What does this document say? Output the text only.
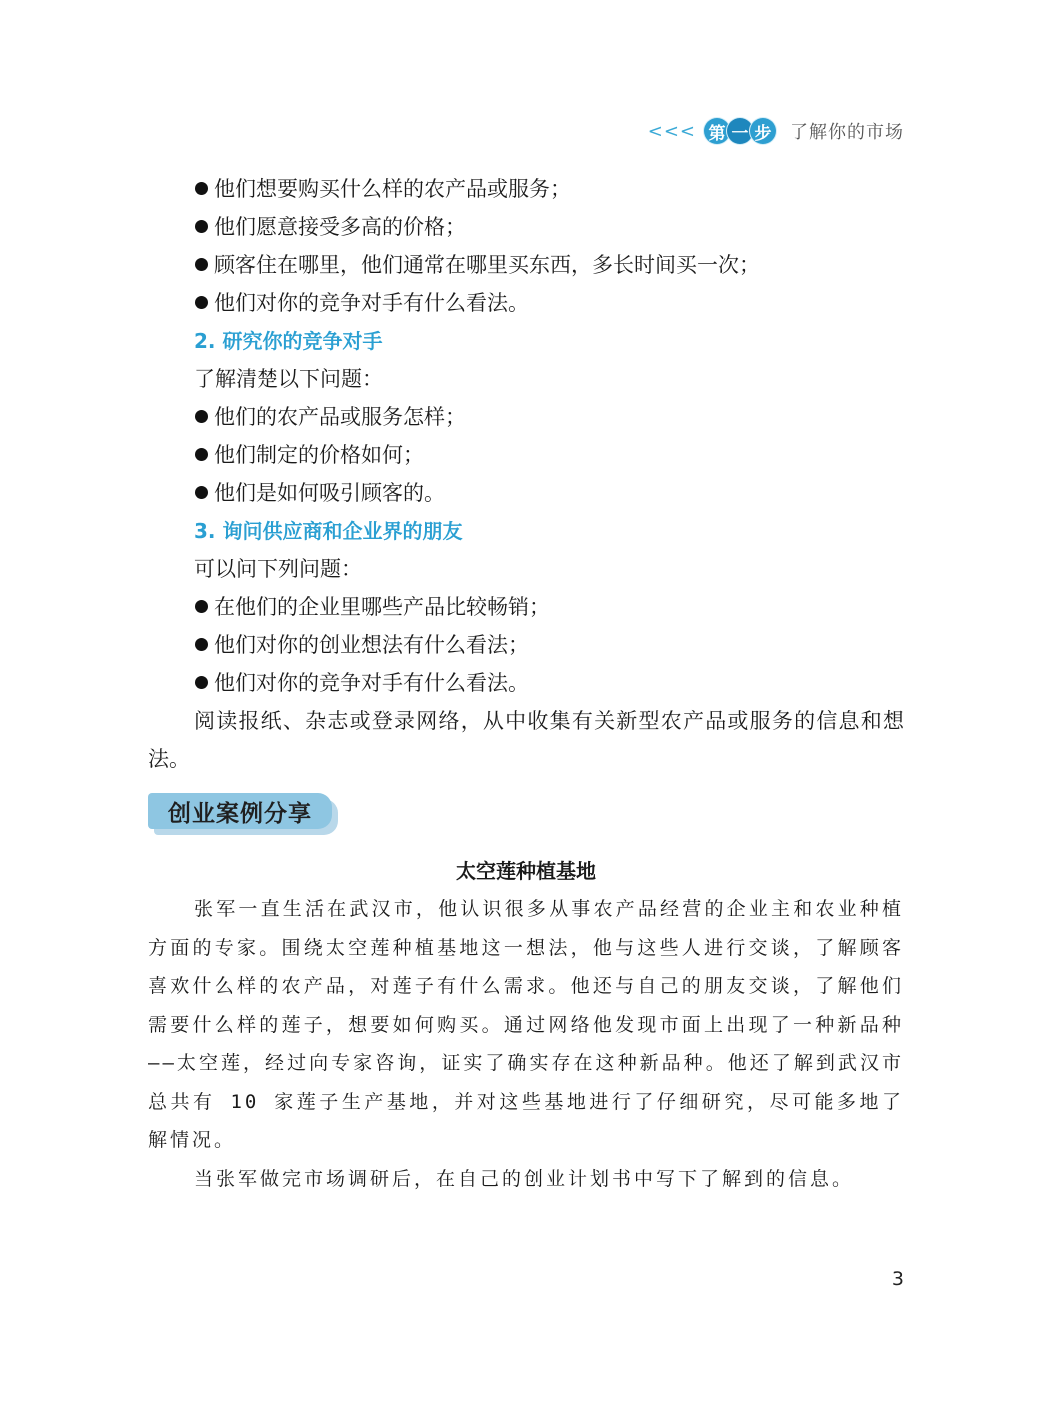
<<< 第 一 步 了解你的市场
他们想要购买什么样的农产品或服务；
他们愿意接受多高的价格；
顾客住在哪里，他们通常在哪里买东西，多长时间买一次；
他们对你的竞争对手有什么看法。
2. 研究你的竞争对手
了解清楚以下问题：
他们的农产品或服务怎样；
他们制定的价格如何；
他们是如何吸引顾客的。
3. 询问供应商和企业界的朋友
可以问下列问题：
在他们的企业里哪些产品比较畅销；
他们对你的创业想法有什么看法；
他们对你的竞争对手有什么看法。

阅读报纸、杂志或登录网络，从中收集有关新型农产品或服务的信息和想法。

创业案例分享
太空莲种植基地

张军一直生活在武汉市，他认识很多从事农产品经营的企业主和农业种植方面的专家。围绕太空莲种植基地这一想法，他与这些人进行交谈，了解顾客喜欢什么样的农产品，对莲子有什么需求。他还与自己的朋友交谈，了解他们需要什么样的莲子，想要如何购买。通过网络他发现市面上出现了一种新品种——太空莲，经过向专家咨询，证实了确实存在这种新品种。他还了解到武汉市总共有 10 家莲子生产基地，并对这些基地进行了仔细研究，尽可能多地了解情况。

当张军做完市场调研后，在自己的创业计划书中写下了解到的信息。

3
